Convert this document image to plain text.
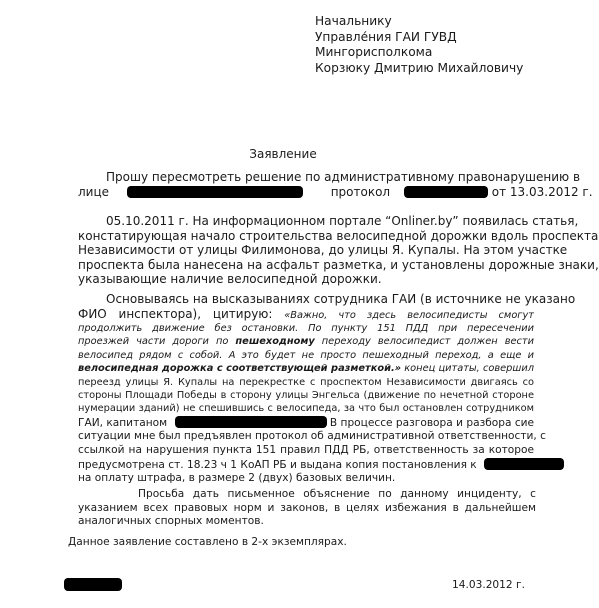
Начальнику
Управле́ния ГАИ ГУВД
Мингорисполкома
Корзюку Дмитрию Михайловичу
Заявление
Прошу пересмотреть решение по административному правонарушению в
лице	протокол	от 13.03.2012 г.
05.10.2011 г. На информационном портале “Onliner.by” появилась статья,
констатирующая начало строительства велосипедной дорожки вдоль проспекта
Независимости от улицы Филимонова, до улицы Я. Купалы. На этом участке
проспекта была нанесена на асфальт разметка, и установлены дорожные знаки,
указывающие наличие велосипедной дорожки.
Основываясь на высказываниях сотрудника ГАИ (в источнике не указано
ФИО инспектора), цитирую: «Важно, что здесь велосипедисты смогут
продолжить движение без остановки. По пункту 151 ПДД при пересечении
проезжей части дороги по пешеходному переходу велосипедист должен вести
велосипед рядом с собой. А это будет не просто пешеходный переход, а еще и
велосипедная дорожка с соответствующей разметкой.» конец цитаты, совершил
переезд улицы Я. Купалы на перекрестке с проспектом Независимости двигаясь со
стороны Площади Победы в сторону улицы Энгельса (движение по нечетной стороне
нумерации зданий) не спешившись с велосипеда, за что был остановлен сотрудником
ГАИ, капитаном	В процессе разговора и разбора сие
ситуации мне был предъявлен протокол об административной ответственности, с
ссылкой на нарушения пункта 151 правил ПДД РБ, ответственность за которое
предусмотрена ст. 18.23 ч 1 КоАП РБ и выдана копия постановления к
на оплату штрафа, в размере 2 (двух) базовых величин.
Просьба дать письменное объяснение по данному инциденту, с
указанием всех правовых норм и законов, в целях избежания в дальнейшем
аналогичных спорных моментов.
Данное заявление составлено в 2-х экземплярах.
14.03.2012 г.
